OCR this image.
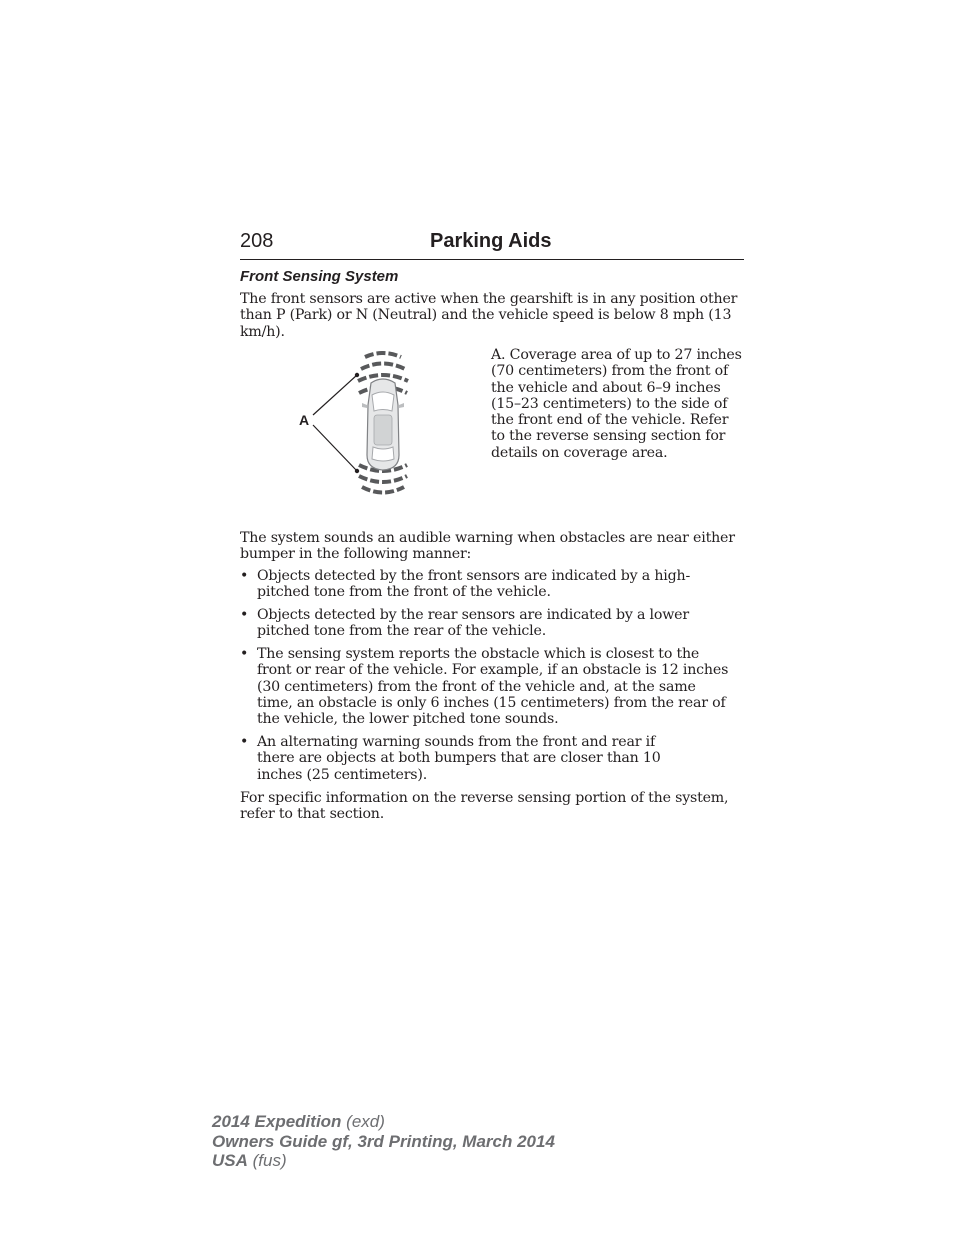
208	Parking Aids
Front Sensing System

The front sensors are active when the gearshift is in any position other than P (Park) or N (Neutral) and the vehicle speed is below 8 mph (13 km/h).

A

A. Coverage area of up to 27 inches (70 centimeters) from the front of the vehicle and about 6–9 inches (15–23 centimeters) to the side of the front end of the vehicle. Refer to the reverse sensing section for details on coverage area.

The system sounds an audible warning when obstacles are near either bumper in the following manner:

• Objects detected by the front sensors are indicated by a high-pitched tone from the front of the vehicle.
• Objects detected by the rear sensors are indicated by a lower pitched tone from the rear of the vehicle.
• The sensing system reports the obstacle which is closest to the front or rear of the vehicle. For example, if an obstacle is 12 inches (30 centimeters) from the front of the vehicle and, at the same time, an obstacle is only 6 inches (15 centimeters) from the rear of the vehicle, the lower pitched tone sounds.
• An alternating warning sounds from the front and rear if there are objects at both bumpers that are closer than 10 inches (25 centimeters).

For specific information on the reverse sensing portion of the system, refer to that section.

2014 Expedition (exd)
Owners Guide gf, 3rd Printing, March 2014
USA (fus)
